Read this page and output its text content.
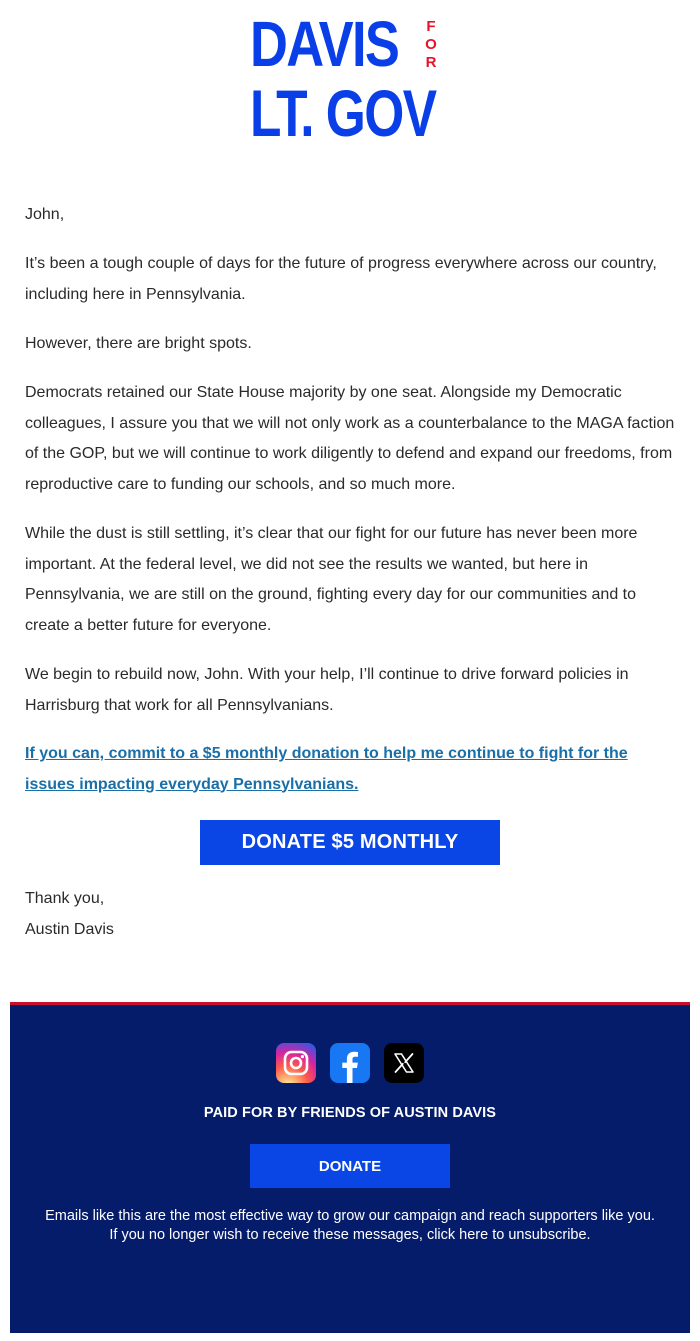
DAVIS FOR
LT. GOV

John,

It’s been a tough couple of days for the future of progress everywhere across our country, including here in Pennsylvania.

However, there are bright spots.

Democrats retained our State House majority by one seat. Alongside my Democratic colleagues, I assure you that we will not only work as a counterbalance to the MAGA faction of the GOP, but we will continue to work diligently to defend and expand our freedoms, from reproductive care to funding our schools, and so much more.

While the dust is still settling, it’s clear that our fight for our future has never been more important. At the federal level, we did not see the results we wanted, but here in Pennsylvania, we are still on the ground, fighting every day for our communities and to create a better future for everyone.

We begin to rebuild now, John. With your help, I’ll continue to drive forward policies in Harrisburg that work for all Pennsylvanians.

If you can, commit to a $5 monthly donation to help me continue to fight for the issues impacting everyday Pennsylvanians.

DONATE $5 MONTHLY
Thank you,
Austin Davis
PAID FOR BY FRIENDS OF AUSTIN DAVIS
DONATE
Emails like this are the most effective way to grow our campaign and reach supporters like you. If you no longer wish to receive these messages, click here to unsubscribe.
